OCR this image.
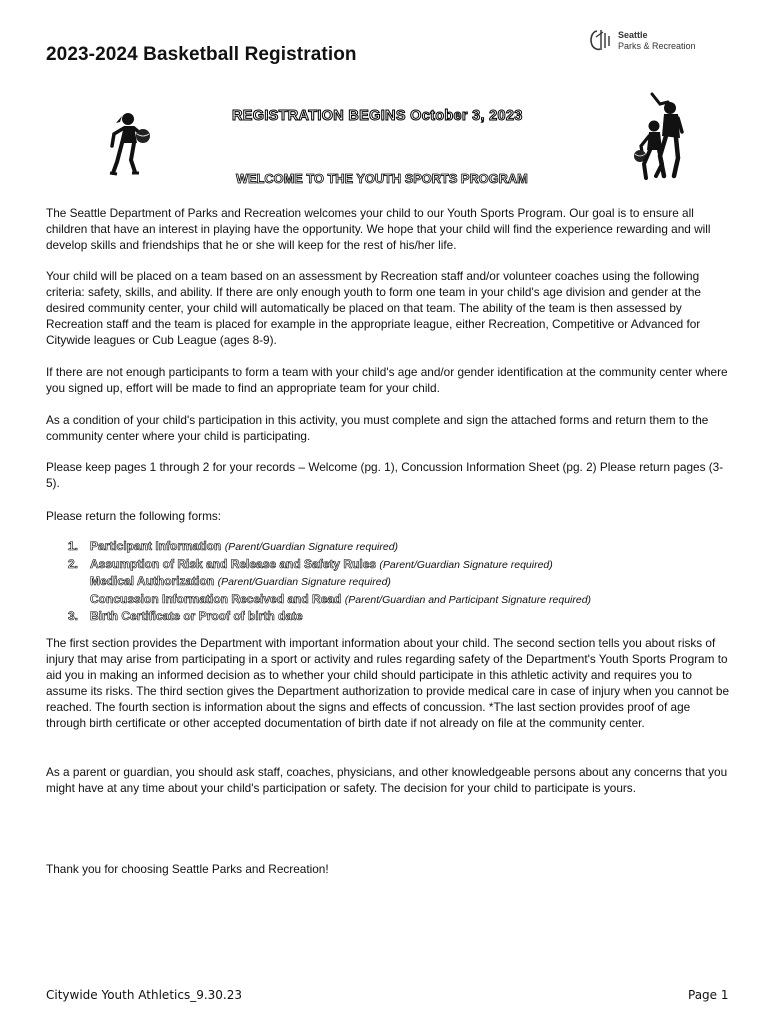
Seattle
Parks & Recreation
2023-2024 Basketball Registration
REGISTRATION BEGINS October 3, 2023
WELCOME TO THE YOUTH SPORTS PROGRAM

The Seattle Department of Parks and Recreation welcomes your child to our Youth Sports Program. Our goal is to ensure all children that have an interest in playing have the opportunity. We hope that your child will find the experience rewarding and will develop skills and friendships that he or she will keep for the rest of his/her life.

Your child will be placed on a team based on an assessment by Recreation staff and/or volunteer coaches using the following criteria: safety, skills, and ability. If there are only enough youth to form one team in your child's age division and gender at the desired community center, your child will automatically be placed on that team. The ability of the team is then assessed by Recreation staff and the team is placed for example in the appropriate league, either Recreation, Competitive or Advanced for Citywide leagues or Cub League (ages 8-9).

If there are not enough participants to form a team with your child's age and/or gender identification at the community center where you signed up, effort will be made to find an appropriate team for your child.

As a condition of your child's participation in this activity, you must complete and sign the attached forms and return them to the community center where your child is participating.

Please keep pages 1 through 2 for your records – Welcome (pg. 1), Concussion Information Sheet (pg. 2) Please return pages (3-5).

Please return the following forms:

1. Participant Information (Parent/Guardian Signature required)
2. Assumption of Risk and Release and Safety Rules (Parent/Guardian Signature required)
Medical Authorization (Parent/Guardian Signature required)
Concussion Information Received and Read (Parent/Guardian and Participant Signature required)
3. Birth Certificate or Proof of birth date

The first section provides the Department with important information about your child. The second section tells you about risks of injury that may arise from participating in a sport or activity and rules regarding safety of the Department's Youth Sports Program to aid you in making an informed decision as to whether your child should participate in this athletic activity and requires you to assume its risks. The third section gives the Department authorization to provide medical care in case of injury when you cannot be reached. The fourth section is information about the signs and effects of concussion. *The last section provides proof of age through birth certificate or other accepted documentation of birth date if not already on file at the community center.

As a parent or guardian, you should ask staff, coaches, physicians, and other knowledgeable persons about any concerns that you might have at any time about your child's participation or safety. The decision for your child to participate is yours.

Thank you for choosing Seattle Parks and Recreation!

Citywide Youth Athletics_9.30.23	Page 1
